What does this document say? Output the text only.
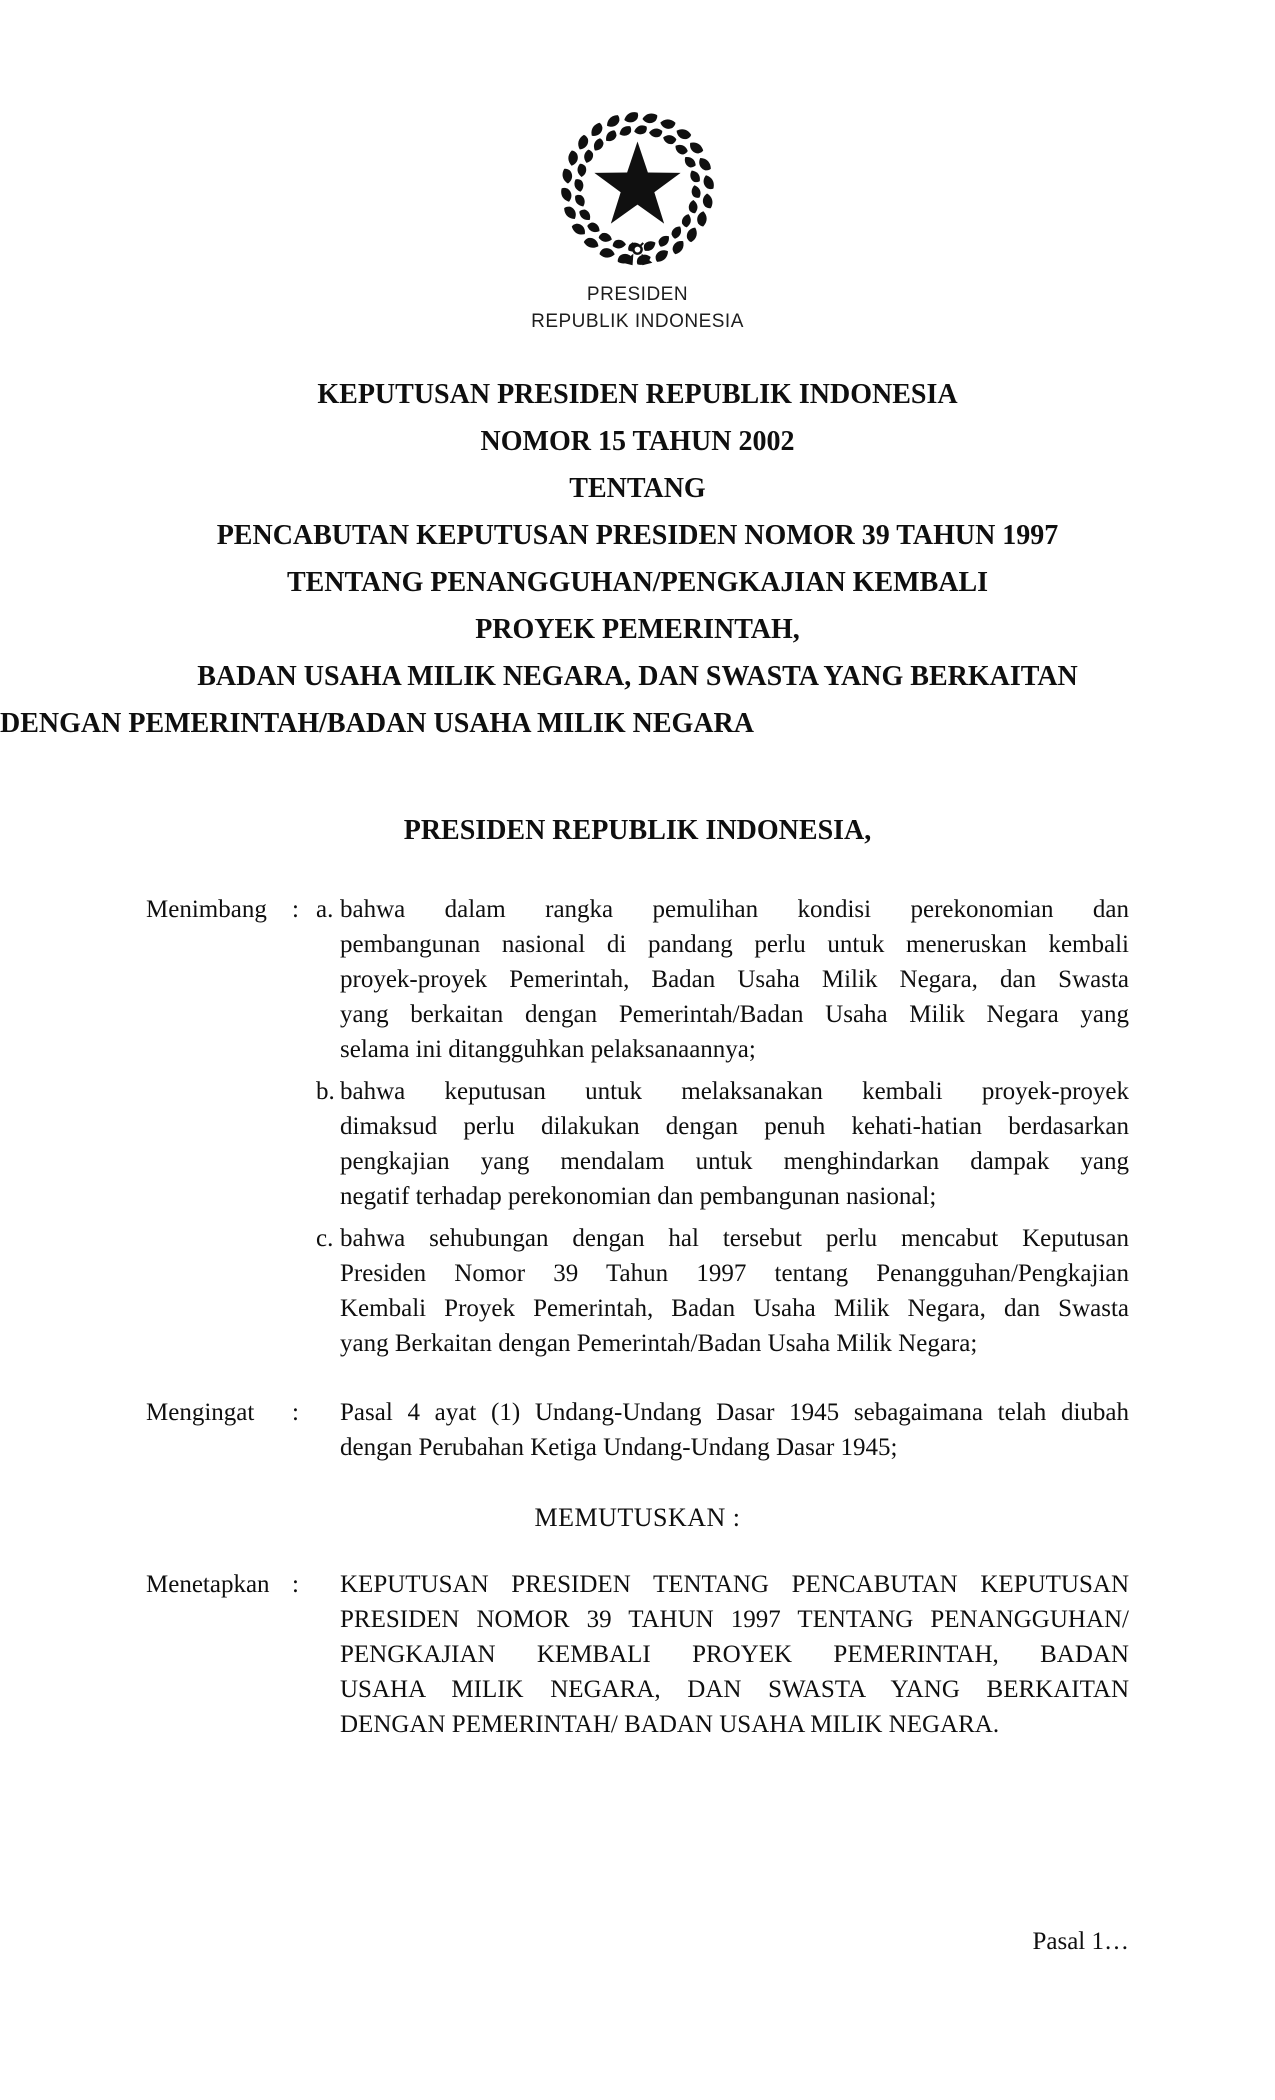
PRESIDEN
REPUBLIK INDONESIA
KEPUTUSAN PRESIDEN REPUBLIK INDONESIA
NOMOR 15 TAHUN 2002
TENTANG
PENCABUTAN KEPUTUSAN PRESIDEN NOMOR 39 TAHUN 1997
TENTANG PENANGGUHAN/PENGKAJIAN KEMBALI
PROYEK PEMERINTAH,
BADAN USAHA MILIK NEGARA, DAN SWASTA YANG BERKAITAN
DENGAN PEMERINTAH/BADAN USAHA MILIK NEGARA
PRESIDEN REPUBLIK INDONESIA,
Menimbang	: a. bahwa dalam rangka pemulihan kondisi perekonomian dan
pembangunan nasional di pandang perlu untuk meneruskan kembali
proyek-proyek Pemerintah, Badan Usaha Milik Negara, dan Swasta
yang berkaitan dengan Pemerintah/Badan Usaha Milik Negara yang
selama ini ditangguhkan pelaksanaannya;
b. bahwa keputusan untuk melaksanakan kembali proyek-proyek
dimaksud perlu dilakukan dengan penuh kehati-hatian berdasarkan
pengkajian yang mendalam untuk menghindarkan dampak yang
negatif terhadap perekonomian dan pembangunan nasional;
c. bahwa sehubungan dengan hal tersebut perlu mencabut Keputusan
Presiden Nomor 39 Tahun 1997 tentang Penangguhan/Pengkajian
Kembali Proyek Pemerintah, Badan Usaha Milik Negara, dan Swasta
yang Berkaitan dengan Pemerintah/Badan Usaha Milik Negara;
Mengingat	:	Pasal 4 ayat (1) Undang-Undang Dasar 1945 sebagaimana telah diubah
dengan Perubahan Ketiga Undang-Undang Dasar 1945;
MEMUTUSKAN :
Menetapkan :	KEPUTUSAN PRESIDEN TENTANG PENCABUTAN KEPUTUSAN
PRESIDEN NOMOR 39 TAHUN 1997 TENTANG PENANGGUHAN/
PENGKAJIAN KEMBALI PROYEK PEMERINTAH, BADAN
USAHA MILIK NEGARA, DAN SWASTA YANG BERKAITAN
DENGAN PEMERINTAH/ BADAN USAHA MILIK NEGARA.
Pasal 1…
